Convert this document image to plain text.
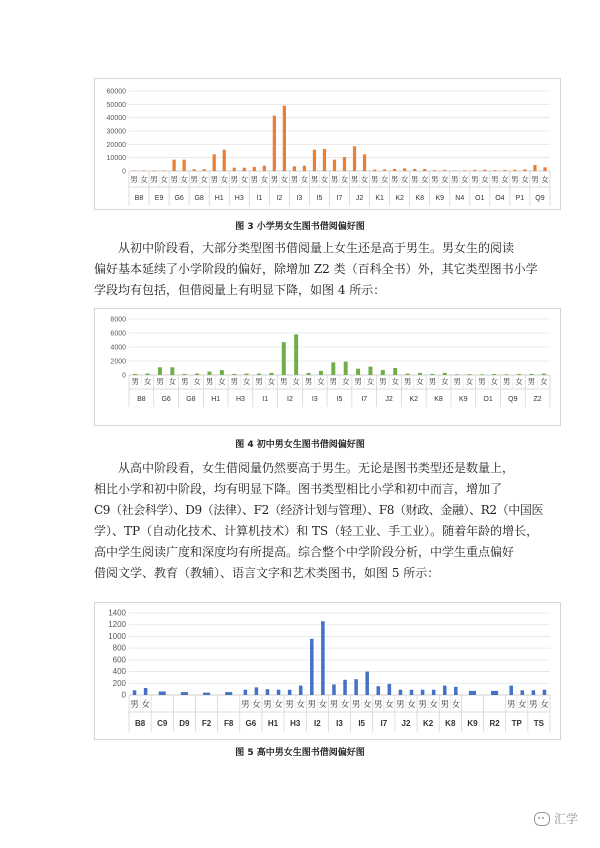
0
10000
20000
30000
40000
50000
60000
男 女
B8
男 女
E9
男 女
G6
男 女
G8
男 女
H1
男 女
H3
男 女
I1
男 女
I2
男 女
I3
男 女
I5
男 女
I7
男 女
J2
男 女
K1
男 女
K2
男 女
K8
男 女
K9
男 女
N4
男 女
O1
男 女
O4
男 女
P1
男 女
Q9
图 3 小学男女生图书借阅偏好图

从初中阶段看，大部分类型图书借阅量上女生还是高于男生。男女生的阅读

偏好基本延续了小学阶段的偏好，除增加 Z2 类（百科全书）外，其它类型图书小学

学段均有包括，但借阅量上有明显下降，如图 4 所示：

0
2000
4000
6000
8000
男 女
B8
男 女
G6
男 女
G8
男 女
H1
男 女
H3
男 女
I1
男 女
I2
男 女
I3
男 女
I5
男 女
I7
男 女
J2
男 女
K2
男 女
K8
男 女
K9
男 女
O1
男 女
Q9
男 女
Z2
图 4 初中男女生图书借阅偏好图

从高中阶段看，女生借阅量仍然要高于男生。无论是图书类型还是数量上，

相比小学和初中阶段，均有明显下降。图书类型相比小学和初中而言，增加了

C9（社会科学）、D9（法律）、F2（经济计划与管理）、F8（财政、金融）、R2（中国医

学）、TP（自动化技术、计算机技术）和 TS（轻工业、手工业）。随着年龄的增长，

高中学生阅读广度和深度均有所提高。综合整个中学阶段分析，中学生重点偏好

借阅文学、教育（教辅）、语言文字和艺术类图书，如图 5 所示：

0
200
400
600
800
1000
1200
1400
男 女
B8 C9 D9 F2 F8
男 女
G6
男 女
H1
男 女
H3
男 女
I2
男 女
I3
男 女
I5
男 女
I7
男 女
J2
男 女
K2
男 女
K8 K9 R2
男 女
TP
男 女
TS
图 5 高中男女生图书借阅偏好图
汇学
